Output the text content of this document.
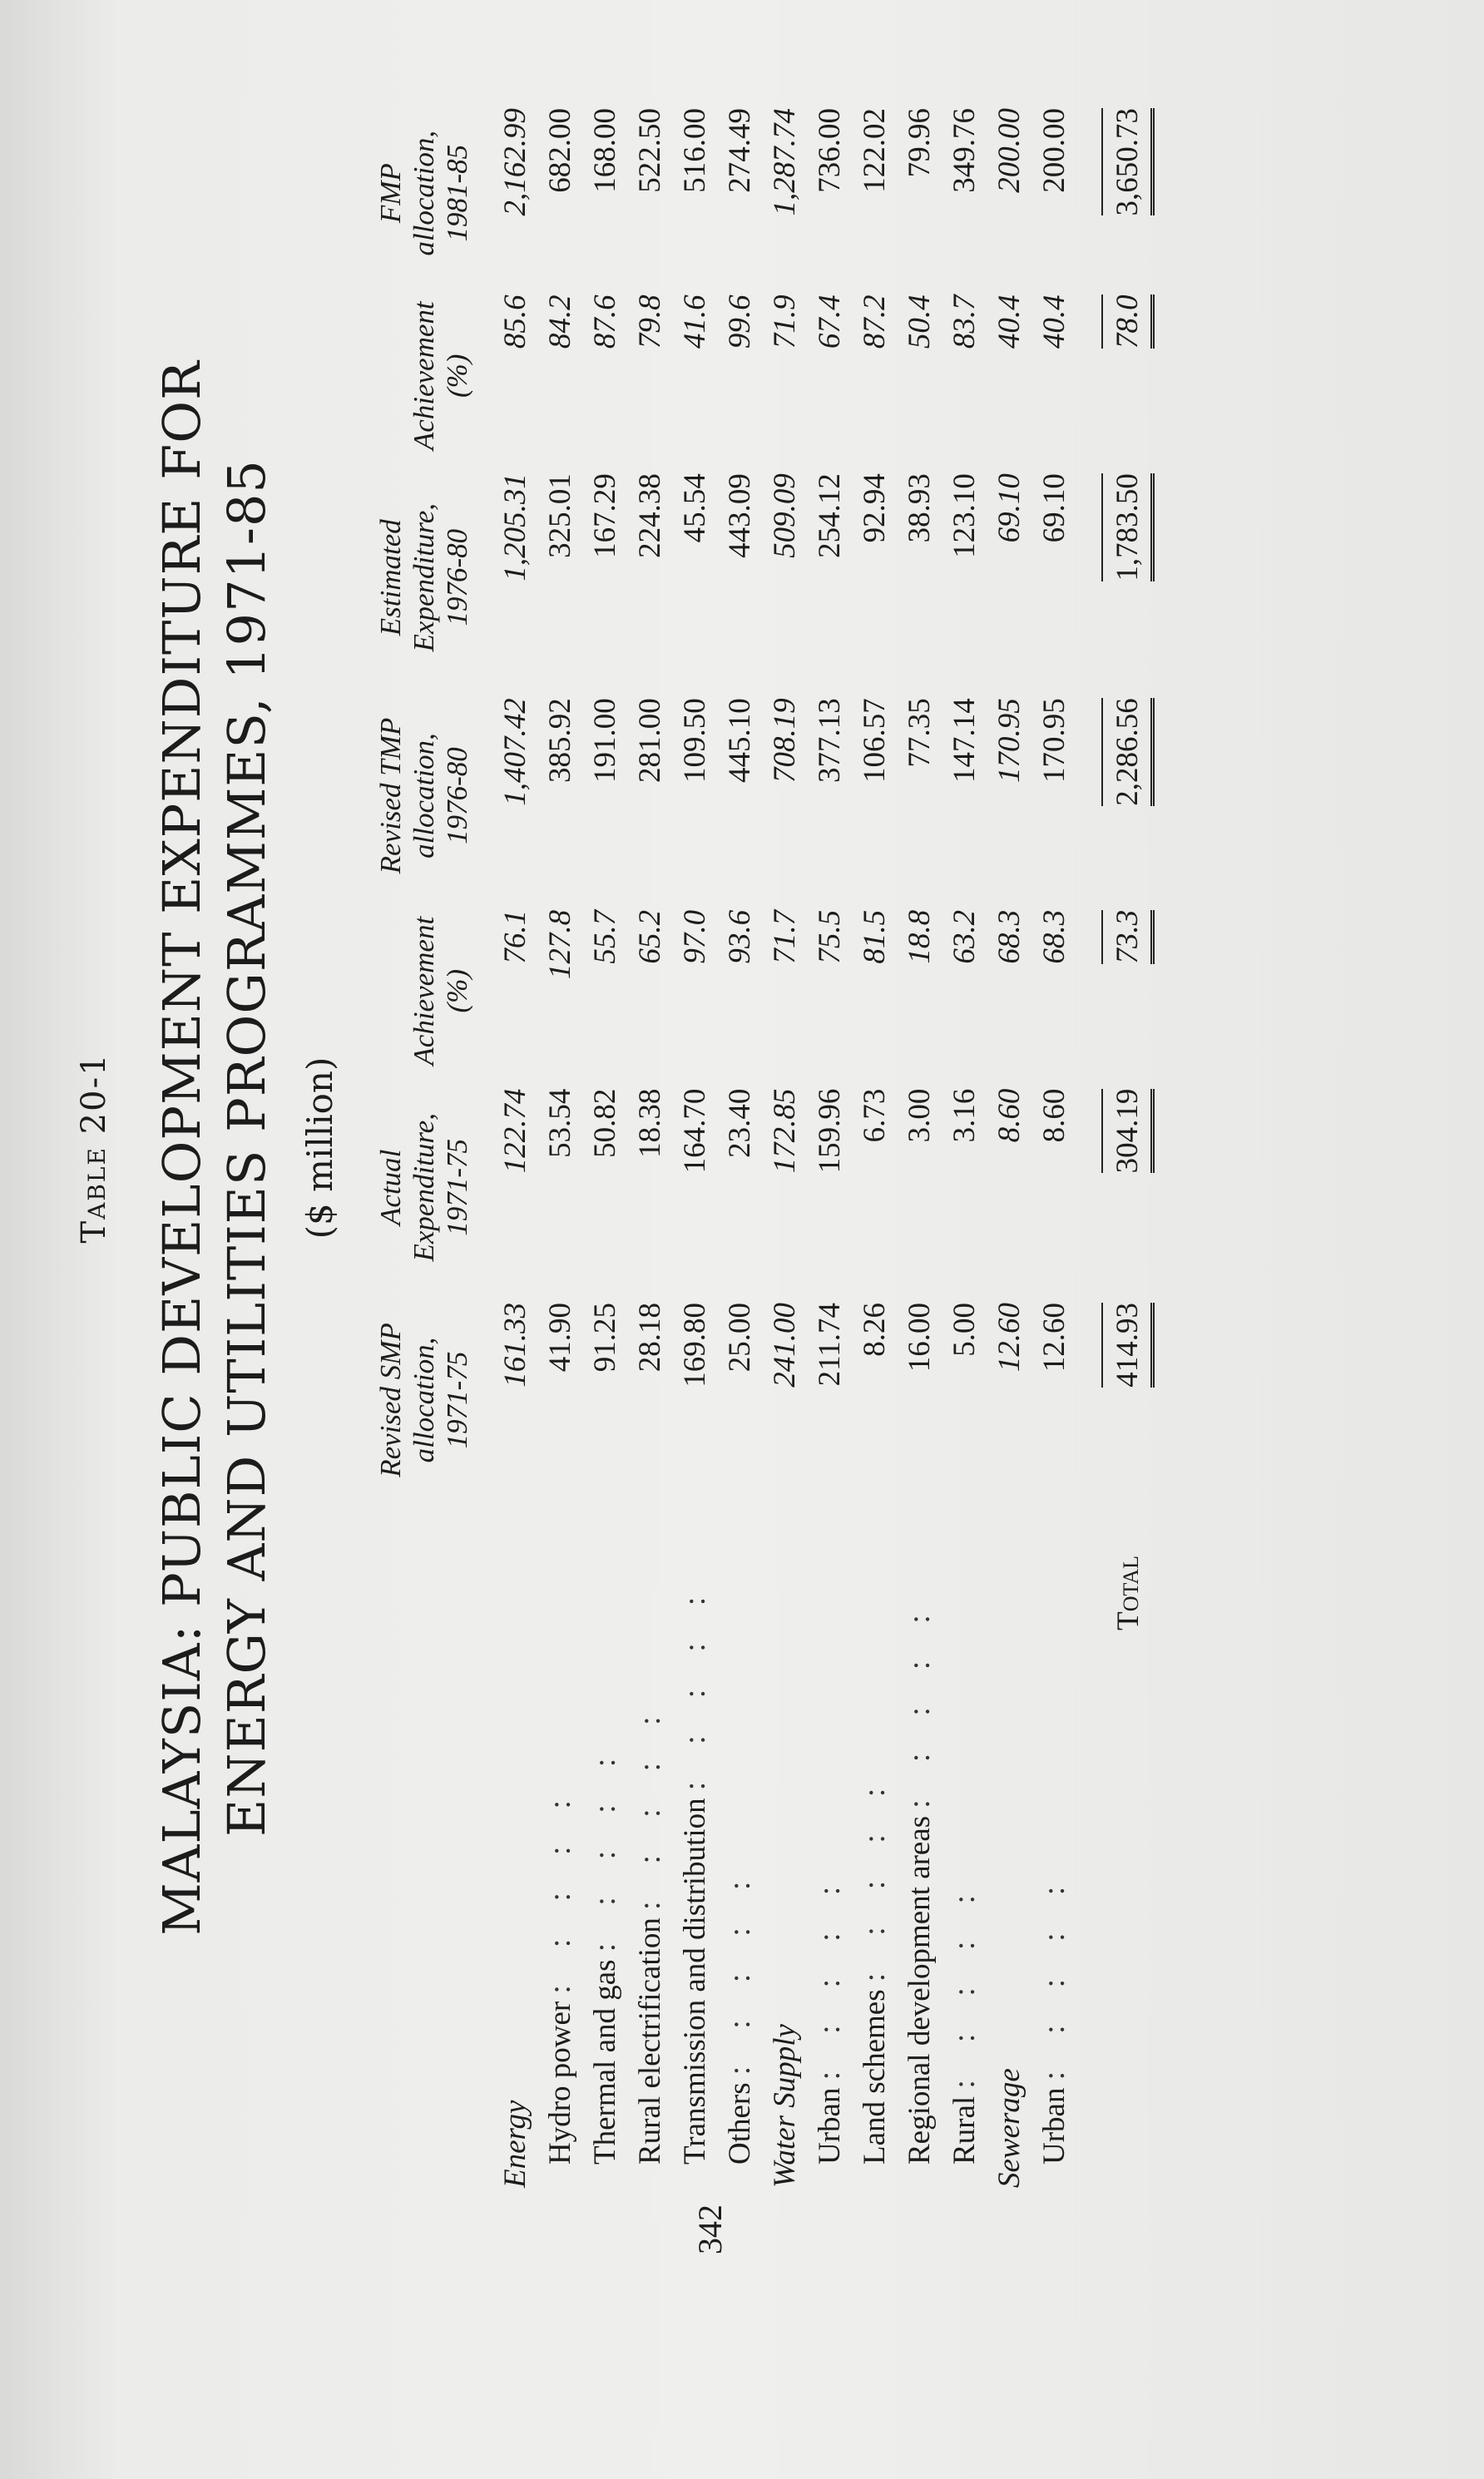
Table 20-1 MALAYSIA: PUBLIC DEVELOPMENT EXPENDITURE FOR ENERGY AND UTILITIES PROGRAMMES, 1971-85 ($ million)
	Revised SMP allocation, 1971-75	Actual Expenditure, 1971-75	Achievement (%)	Revised TMP allocation, 1976-80	Estimated Expenditure, 1976-80	Achievement (%)	FMP allocation, 1981-85
Energy	161.33	122.74	76.1	1,407.42	1,205.31	85.6	2,162.99
Hydro power : : : : :	41.90	53.54	127.8	385.92	325.01	84.2	682.00
Thermal and gas : : : : :	91.25	50.82	55.7	191.00	167.29	87.6	168.00
Rural electrification : : : : :	28.18	18.38	65.2	281.00	224.38	79.8	522.50
Transmission and distribution : : : : :	169.80	164.70	97.0	109.50	45.54	41.6	516.00
Others : : : : :	25.00	23.40	93.6	445.10	443.09	99.6	274.49
Water Supply	241.00	172.85	71.7	708.19	509.09	71.9	1,287.74
Urban : : : : :	211.74	159.96	75.5	377.13	254.12	67.4	736.00
Land schemes : : : : :	8.26	6.73	81.5	106.57	92.94	87.2	122.02
Regional development areas : : : : :	16.00	3.00	18.8	77.35	38.93	50.4	79.96
Rural : : : : :	5.00	3.16	63.2	147.14	123.10	83.7	349.76
Sewerage	12.60	8.60	68.3	170.95	69.10	40.4	200.00
Urban : : : : :	12.60	8.60	68.3	170.95	69.10	40.4	200.00
Total	414.93	304.19	73.3	2,286.56	1,783.50	78.0	3,650.73
342
